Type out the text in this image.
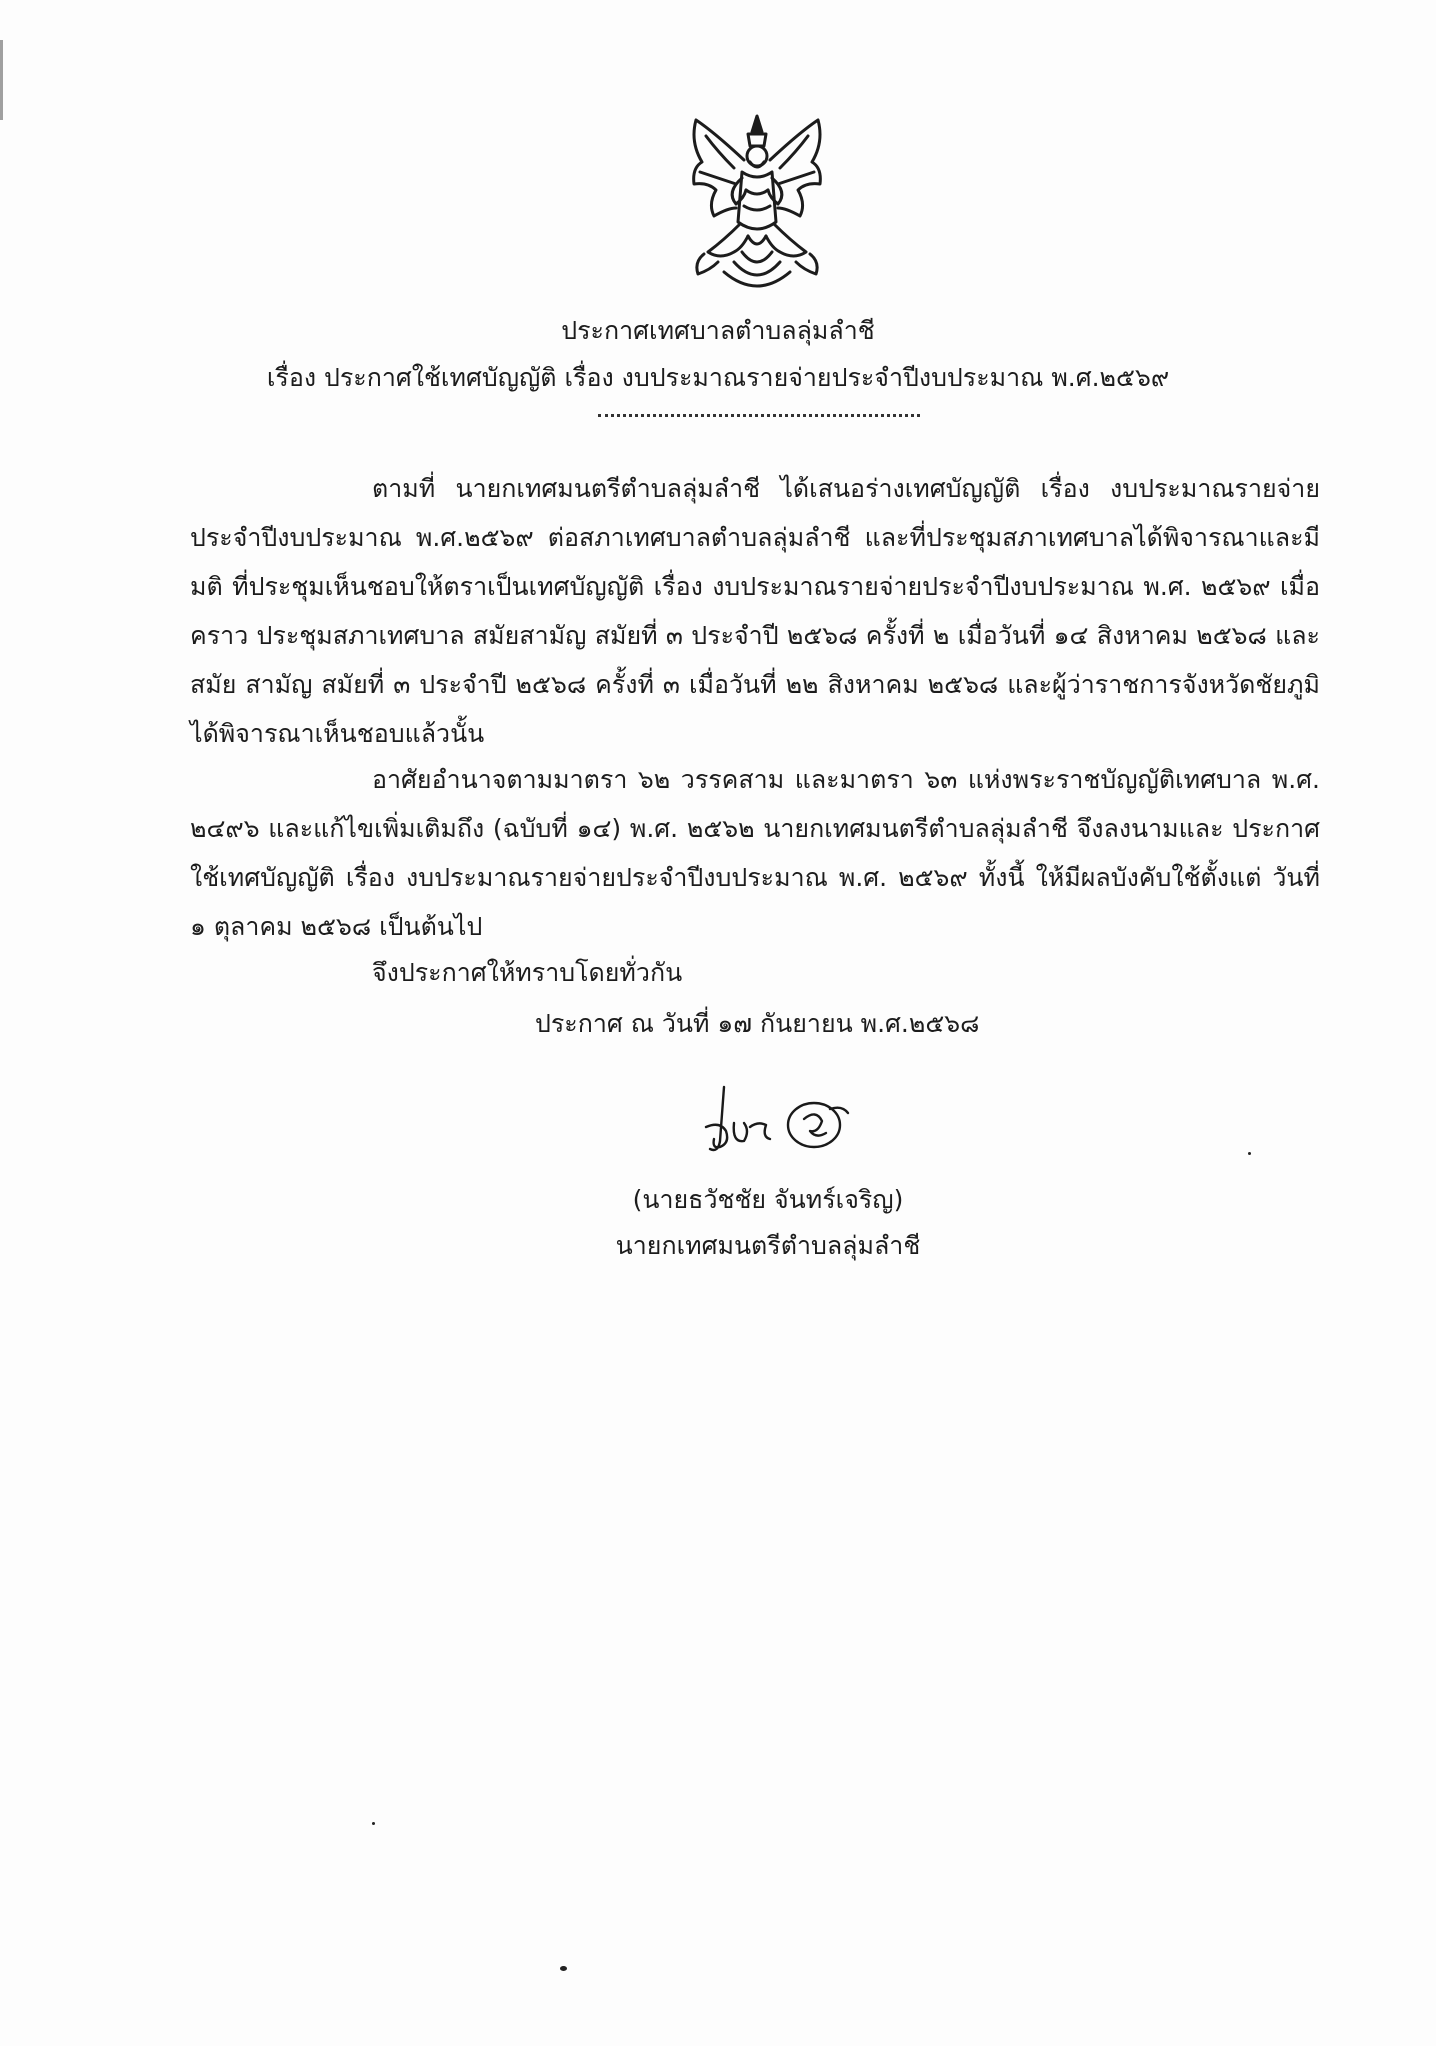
ประกาศเทศบาลตำบลลุ่มลำชี
เรื่อง ประกาศใช้เทศบัญญัติ เรื่อง งบประมาณรายจ่ายประจำปีงบประมาณ พ.ศ.๒๕๖๙
ตามที่ นายกเทศมนตรีตำบลลุ่มลำชี ได้เสนอร่างเทศบัญญัติ เรื่อง งบประมาณรายจ่าย ประจำปีงบประมาณ พ.ศ.๒๕๖๙ ต่อสภาเทศบาลตำบลลุ่มลำชี และที่ประชุมสภาเทศบาลได้พิจารณาและมีมติ ที่ประชุมเห็นชอบให้ตราเป็นเทศบัญญัติ เรื่อง งบประมาณรายจ่ายประจำปีงบประมาณ พ.ศ. ๒๕๖๙ เมื่อคราว ประชุมสภาเทศบาล สมัยสามัญ สมัยที่ ๓ ประจำปี ๒๕๖๘ ครั้งที่ ๒ เมื่อวันที่ ๑๔ สิงหาคม ๒๕๖๘ และสมัย สามัญ สมัยที่ ๓ ประจำปี ๒๕๖๘ ครั้งที่ ๓ เมื่อวันที่ ๒๒ สิงหาคม ๒๕๖๘ และผู้ว่าราชการจังหวัดชัยภูมิ ได้พิจารณาเห็นชอบแล้วนั้น
อาศัยอำนาจตามมาตรา ๖๒ วรรคสาม และมาตรา ๖๓ แห่งพระราชบัญญัติเทศบาล พ.ศ. ๒๔๙๖ และแก้ไขเพิ่มเติมถึง (ฉบับที่ ๑๔) พ.ศ. ๒๕๖๒ นายกเทศมนตรีตำบลลุ่มลำชี จึงลงนามและ ประกาศใช้เทศบัญญัติ เรื่อง งบประมาณรายจ่ายประจำปีงบประมาณ พ.ศ. ๒๕๖๙ ทั้งนี้ ให้มีผลบังคับใช้ตั้งแต่ วันที่ ๑ ตุลาคม ๒๕๖๘ เป็นต้นไป
จึงประกาศให้ทราบโดยทั่วกัน
ประกาศ ณ วันที่ ๑๗ กันยายน พ.ศ.๒๕๖๘
(นายธวัชชัย จันทร์เจริญ)
นายกเทศมนตรีตำบลลุ่มลำชี
